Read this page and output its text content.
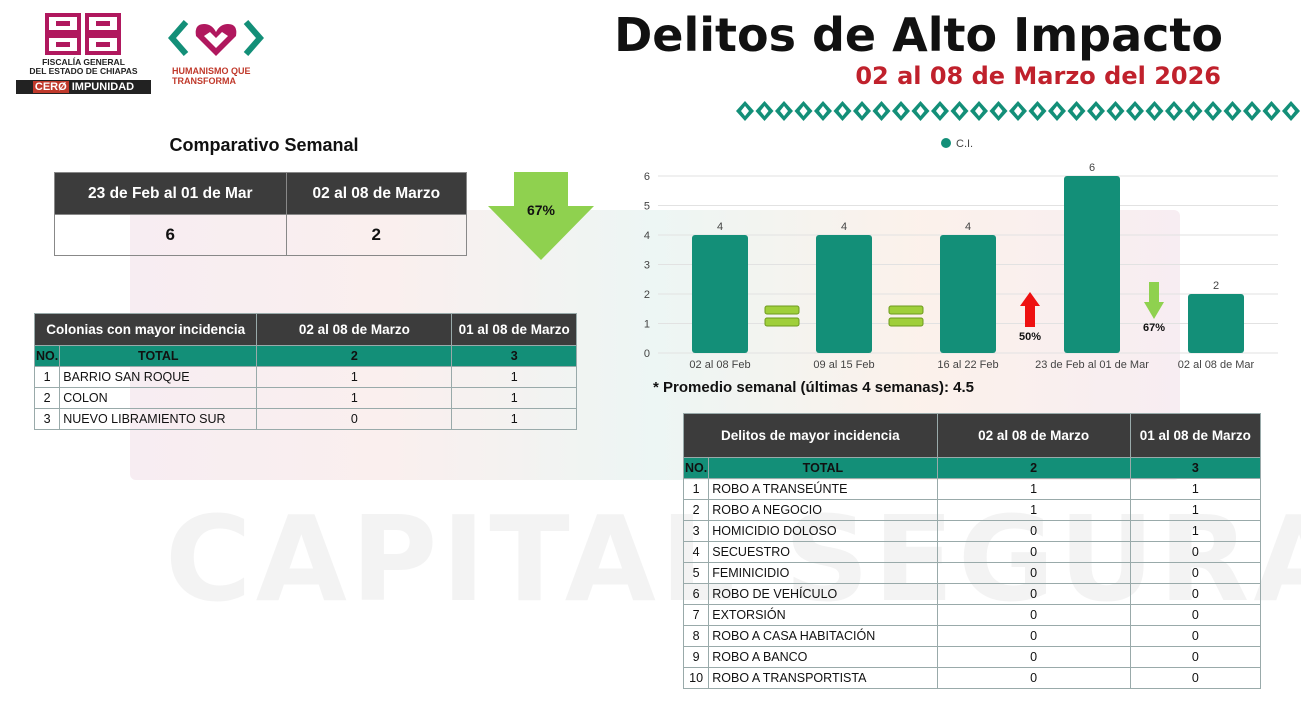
FISCALÍA GENERAL
DEL ESTADO DE CHIAPAS
CERØ IMPUNIDAD
HUMANISMO QUE
TRANSFORMA
Delitos de Alto Impacto
02 al 08 de Marzo del 2026
Comparativo Semanal
23 de Feb al 01 de Mar	02 al 08 de Marzo
6	2
67%
Colonias con mayor incidencia		02 al 08 de Marzo	01 al 08 de Marzo
NO.	TOTAL	2	3
1	BARRIO SAN ROQUE	1	1
2	COLON	1	1
3	NUEVO LIBRAMIENTO SUR	0	1
C.I.
0
1
2
3
4
5
6
4
02 al 08 Feb
4
09 al 15 Feb
4
16 al 22 Feb
6
23 de Feb al 01 de Mar
2
02 al 08 de Mar
50%
67%
* Promedio semanal (últimas 4 semanas): 4.5
Delitos de mayor incidencia		02 al 08 de Marzo	01 al 08 de Marzo
NO.	TOTAL	2	3
1	ROBO A TRANSEÚNTE	1	1
2	ROBO A NEGOCIO	1	1
3	HOMICIDIO DOLOSO	0	1
4	SECUESTRO	0	0
5	FEMINICIDIO	0	0
6	ROBO DE VEHÍCULO	0	0
7	EXTORSIÓN	0	0
8	ROBO A CASA HABITACIÓN	0	0
9	ROBO A BANCO	0	0
10	ROBO A TRANSPORTISTA	0	0
